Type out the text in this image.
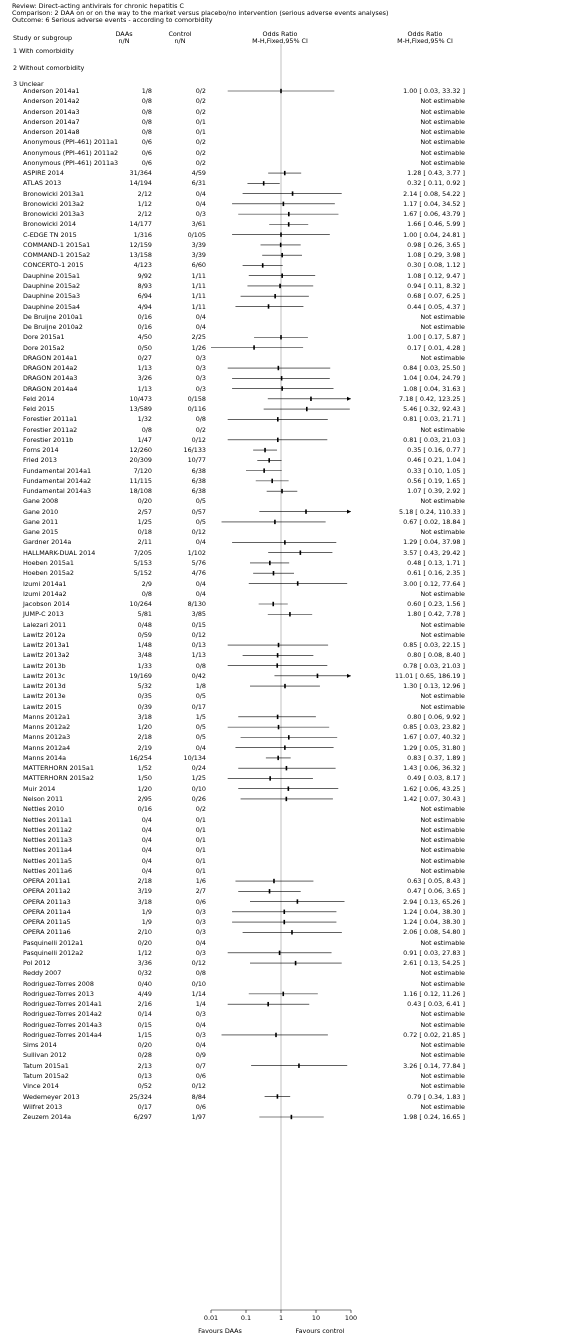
Review: Direct-acting antivirals for chronic hepatitis C
Comparison: 2 DAA on or on the way to the market versus placebo/no intervention (serious adverse events analyses)
Outcome: 6 Serious adverse events - according to comorbidity
Study or subgroup	DAAs
n/N
Control
n/N
Odds Ratio
M-H,Fixed,95% CI
Odds Ratio
M-H,Fixed,95% CI
1 With comorbidity
2 Without comorbidity
3 Unclear
0.01	0.1	1	10	100
Anderson 2014a1	1/8	0/2	1.00 [ 0.03, 33.32 ]
Anderson 2014a2	0/8	0/2	Not estimable
Anderson 2014a3	0/8	0/2	Not estimable
Anderson 2014a7	0/8	0/1	Not estimable
Anderson 2014a8	0/8	0/1	Not estimable
Anonymous (PPI-461) 2011a1	0/6	0/2	Not estimable
Anonymous (PPI-461) 2011a2	0/6	0/2	Not estimable
Anonymous (PPI-461) 2011a3	0/6	0/2	Not estimable
ASPIRE 2014	31/364	4/59	1.28 [ 0.43, 3.77 ]
ATLAS 2013	14/194	6/31	0.32 [ 0.11, 0.92 ]
Bronowicki 2013a1	2/12	0/4	2.14 [ 0.08, 54.22 ]
Bronowicki 2013a2	1/12	0/4	1.17 [ 0.04, 34.52 ]
Bronowicki 2013a3	2/12	0/3	1.67 [ 0.06, 43.79 ]
Bronowicki 2014	14/177	3/61	1.66 [ 0.46, 5.99 ]
C-EDGE TN 2015	1/316	0/105	1.00 [ 0.04, 24.81 ]
COMMAND-1 2015a1	12/159	3/39	0.98 [ 0.26, 3.65 ]
COMMAND-1 2015a2	13/158	3/39	1.08 [ 0.29, 3.98 ]
CONCERTO-1 2015	4/123	6/60	0.30 [ 0.08, 1.12 ]
Dauphine 2015a1	9/92	1/11	1.08 [ 0.12, 9.47 ]
Dauphine 2015a2	8/93	1/11	0.94 [ 0.11, 8.32 ]
Dauphine 2015a3	6/94	1/11	0.68 [ 0.07, 6.25 ]
Dauphine 2015a4	4/94	1/11	0.44 [ 0.05, 4.37 ]
De Bruijne 2010a1	0/16	0/4	Not estimable
De Bruijne 2010a2	0/16	0/4	Not estimable
Dore 2015a1	4/50	2/25	1.00 [ 0.17, 5.87 ]
Dore 2015a2	0/50	1/26	0.17 [ 0.01, 4.28 ]
DRAGON 2014a1	0/27	0/3	Not estimable
DRAGON 2014a2	1/13	0/3	0.84 [ 0.03, 25.50 ]
DRAGON 2014a3	3/26	0/3	1.04 [ 0.04, 24.79 ]
DRAGON 2014a4	1/13	0/3	1.08 [ 0.04, 31.63 ]
Feld 2014	10/473	0/158	7.18 [ 0.42, 123.25 ]
Feld 2015	13/589	0/116	5.46 [ 0.32, 92.43 ]
Forestier 2011a1	1/32	0/8	0.81 [ 0.03, 21.71 ]
Forestier 2011a2	0/8	0/2	Not estimable
Forestier 2011b	1/47	0/12	0.81 [ 0.03, 21.03 ]
Forns 2014	12/260	16/133	0.35 [ 0.16, 0.77 ]
Fried 2013	20/309	10/77	0.46 [ 0.21, 1.04 ]
Fundamental 2014a1	7/120	6/38	0.33 [ 0.10, 1.05 ]
Fundamental 2014a2	11/115	6/38	0.56 [ 0.19, 1.65 ]
Fundamental 2014a3	18/108	6/38	1.07 [ 0.39, 2.92 ]
Gane 2008	0/20	0/5	Not estimable
Gane 2010	2/57	0/57	5.18 [ 0.24, 110.33 ]
Gane 2011	1/25	0/5	0.67 [ 0.02, 18.84 ]
Gane 2015	0/18	0/12	Not estimable
Gardner 2014a	2/11	0/4	1.29 [ 0.04, 37.98 ]
HALLMARK-DUAL 2014	7/205	1/102	3.57 [ 0.43, 29.42 ]
Hoeben 2015a1	5/153	5/76	0.48 [ 0.13, 1.71 ]
Hoeben 2015a2	5/152	4/76	0.61 [ 0.16, 2.35 ]
Izumi 2014a1	2/9	0/4	3.00 [ 0.12, 77.64 ]
Izumi 2014a2	0/8	0/4	Not estimable
Jacobson 2014	10/264	8/130	0.60 [ 0.23, 1.56 ]
JUMP-C 2013	5/81	3/85	1.80 [ 0.42, 7.78 ]
Lalezari 2011	0/48	0/15	Not estimable
Lawitz 2012a	0/59	0/12	Not estimable
Lawitz 2013a1	1/48	0/13	0.85 [ 0.03, 22.15 ]
Lawitz 2013a2	3/48	1/13	0.80 [ 0.08, 8.40 ]
Lawitz 2013b	1/33	0/8	0.78 [ 0.03, 21.03 ]
Lawitz 2013c	19/169	0/42	11.01 [ 0.65, 186.19 ]
Lawitz 2013d	5/32	1/8	1.30 [ 0.13, 12.96 ]
Lawitz 2013e	0/35	0/5	Not estimable
Lawitz 2015	0/39	0/17	Not estimable
Manns 2012a1	3/18	1/5	0.80 [ 0.06, 9.92 ]
Manns 2012a2	1/20	0/5	0.85 [ 0.03, 23.82 ]
Manns 2012a3	2/18	0/5	1.67 [ 0.07, 40.32 ]
Manns 2012a4	2/19	0/4	1.29 [ 0.05, 31.80 ]
Manns 2014a	16/254	10/134	0.83 [ 0.37, 1.89 ]
MATTERHORN 2015a1	1/52	0/24	1.43 [ 0.06, 36.32 ]
MATTERHORN 2015a2	1/50	1/25	0.49 [ 0.03, 8.17 ]
Muir 2014	1/20	0/10	1.62 [ 0.06, 43.25 ]
Nelson 2011	2/95	0/26	1.42 [ 0.07, 30.43 ]
Nettles 2010	0/16	0/2	Not estimable
Nettles 2011a1	0/4	0/1	Not estimable
Nettles 2011a2	0/4	0/1	Not estimable
Nettles 2011a3	0/4	0/1	Not estimable
Nettles 2011a4	0/4	0/1	Not estimable
Nettles 2011a5	0/4	0/1	Not estimable
Nettles 2011a6	0/4	0/1	Not estimable
OPERA 2011a1	2/18	1/6	0.63 [ 0.05, 8.43 ]
OPERA 2011a2	3/19	2/7	0.47 [ 0.06, 3.65 ]
OPERA 2011a3	3/18	0/6	2.94 [ 0.13, 65.26 ]
OPERA 2011a4	1/9	0/3	1.24 [ 0.04, 38.30 ]
OPERA 2011a5	1/9	0/3	1.24 [ 0.04, 38.30 ]
OPERA 2011a6	2/10	0/3	2.06 [ 0.08, 54.80 ]
Pasquinelli 2012a1	0/20	0/4	Not estimable
Pasquinelli 2012a2	1/12	0/3	0.91 [ 0.03, 27.83 ]
Pol 2012	3/36	0/12	2.61 [ 0.13, 54.25 ]
Reddy 2007	0/32	0/8	Not estimable
Rodriguez-Torres 2008	0/40	0/10	Not estimable
Rodriguez-Torres 2013	4/49	1/14	1.16 [ 0.12, 11.26 ]
Rodriguez-Torres 2014a1	2/16	1/4	0.43 [ 0.03, 6.41 ]
Rodriguez-Torres 2014a2	0/14	0/3	Not estimable
Rodriguez-Torres 2014a3	0/15	0/4	Not estimable
Rodriguez-Torres 2014a4	1/15	0/3	0.72 [ 0.02, 21.85 ]
Sims 2014	0/20	0/4	Not estimable
Sullivan 2012	0/28	0/9	Not estimable
Tatum 2015a1	2/13	0/7	3.26 [ 0.14, 77.84 ]
Tatum 2015a2	0/13	0/6	Not estimable
Vince 2014	0/52	0/12	Not estimable
Wedemeyer 2013	25/324	8/84	0.79 [ 0.34, 1.83 ]
Wilfret 2013	0/17	0/6	Not estimable
Zeuzem 2014a	6/297	1/97	1.98 [ 0.24, 16.65 ]
Favours DAAs	Favours control
